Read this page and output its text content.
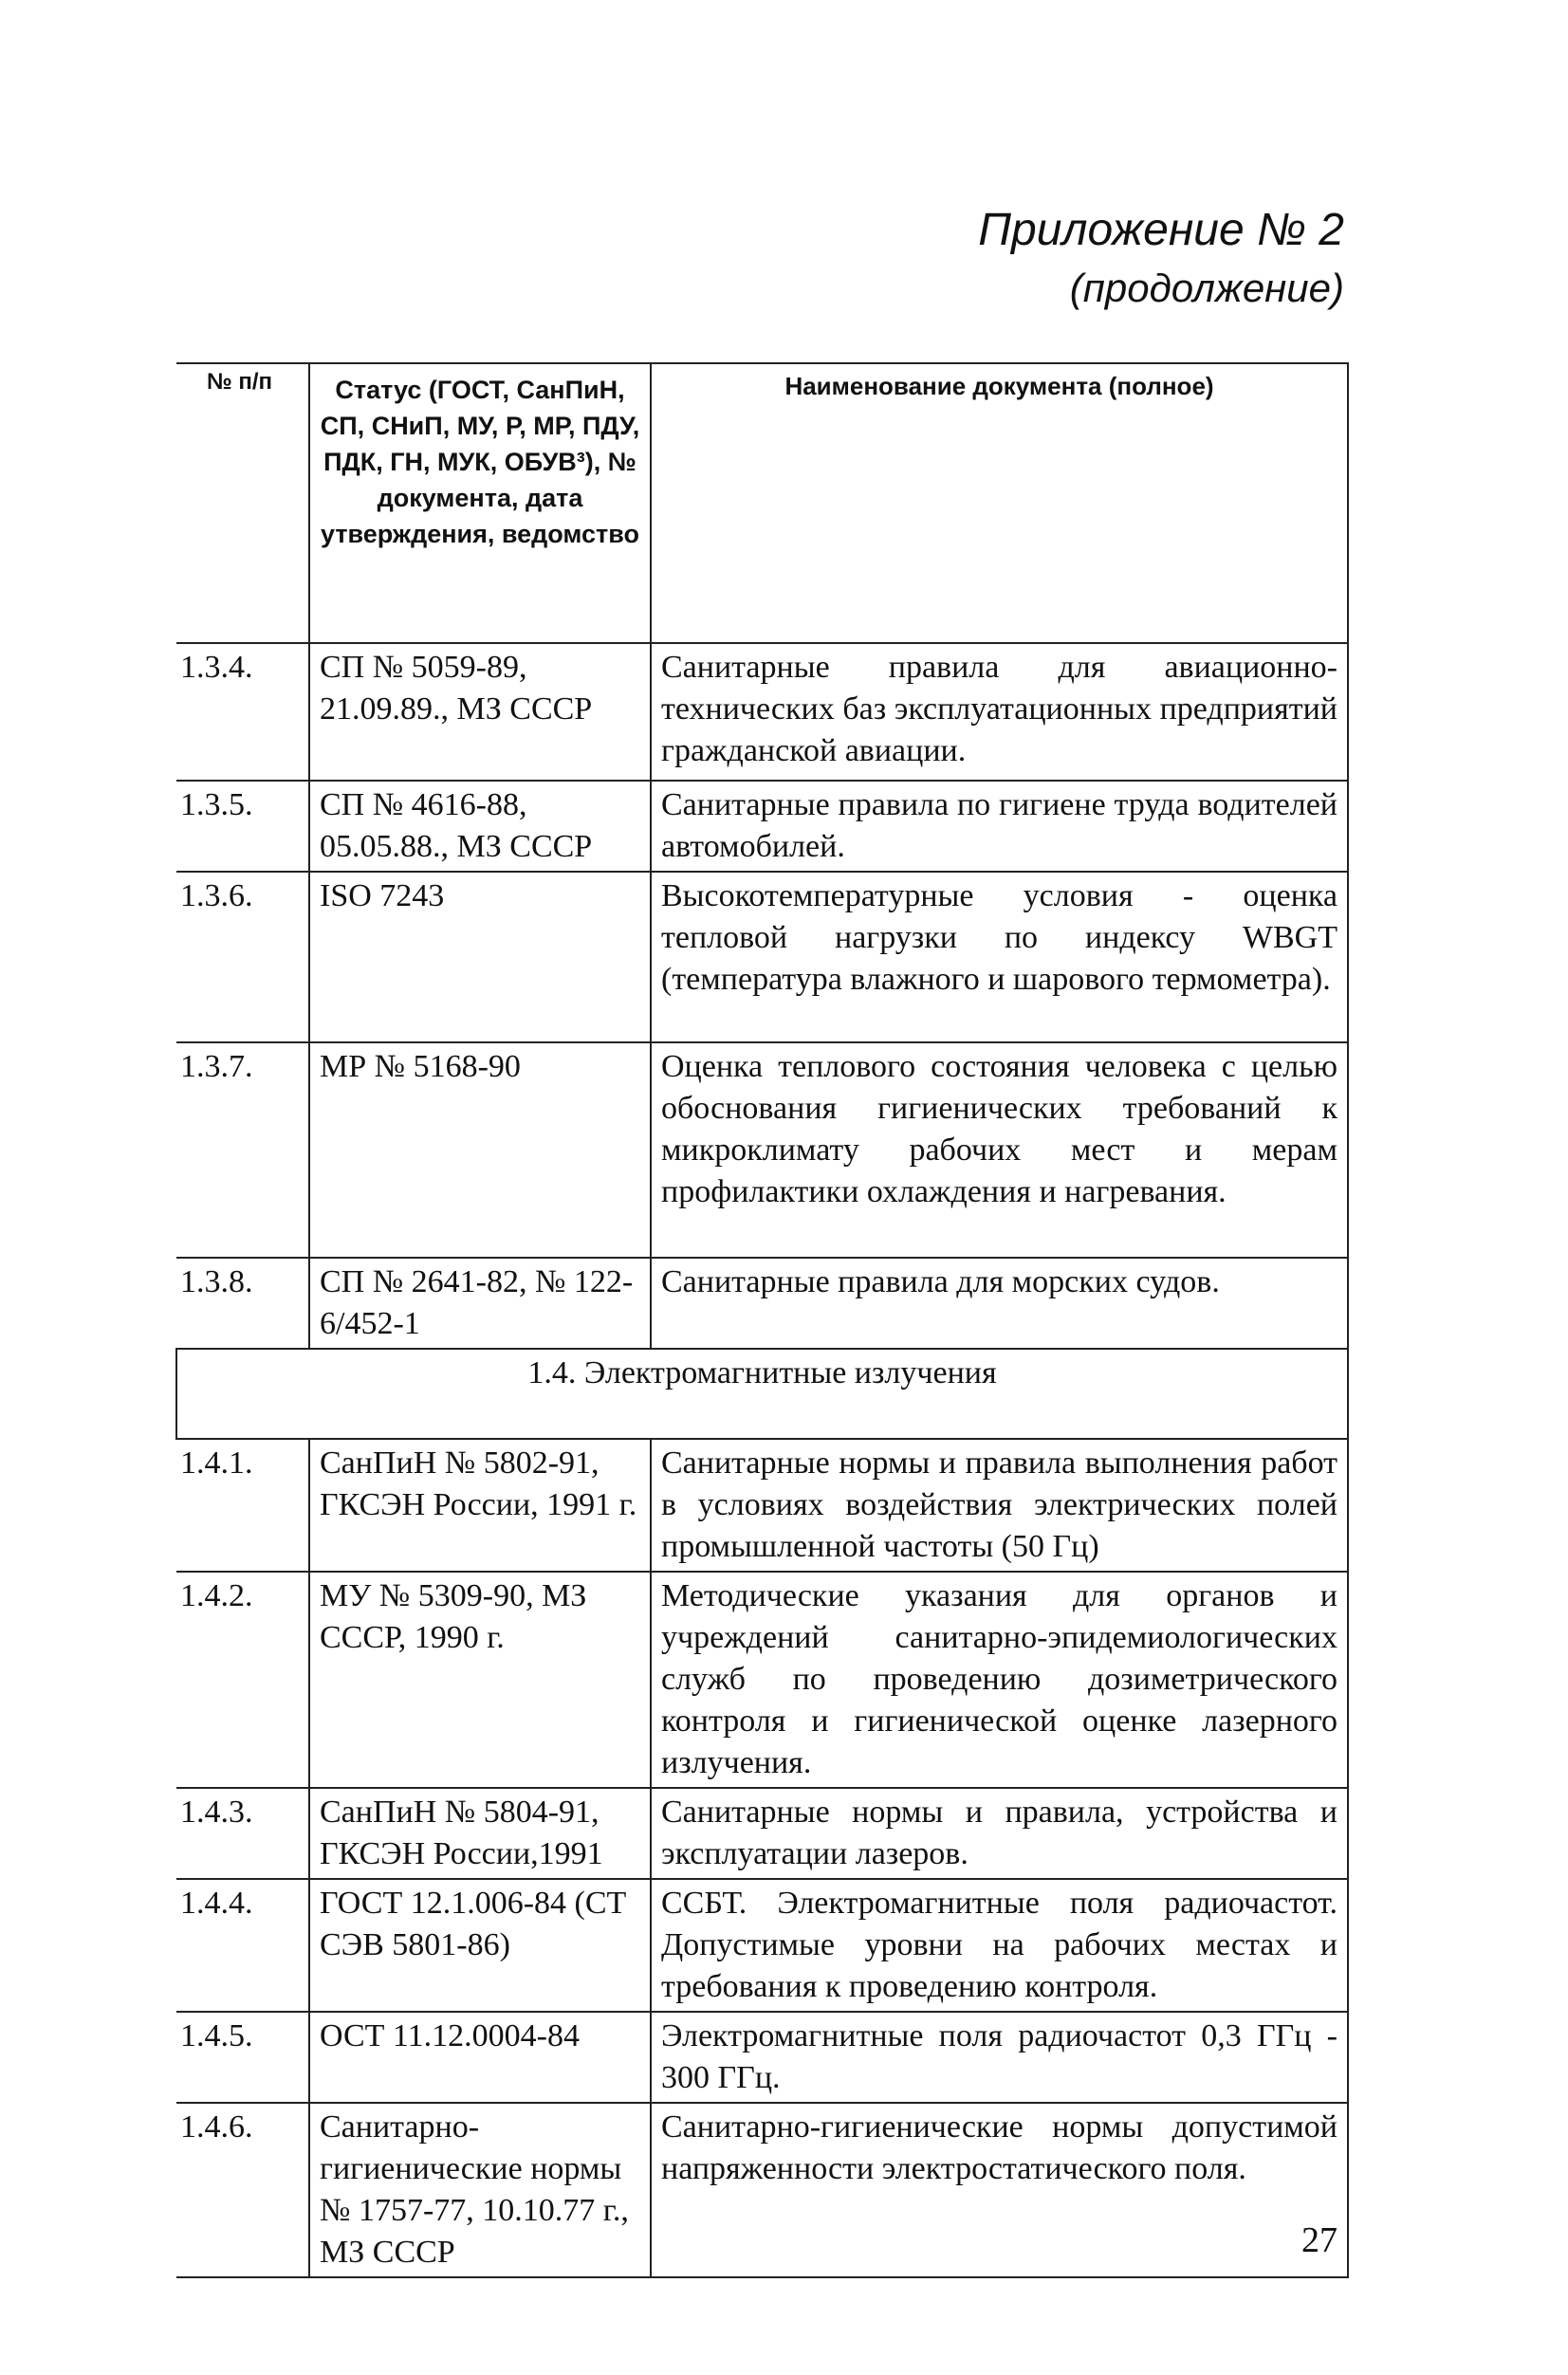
Приложение № 2
(продолжение)
№ п/п	Статус (ГОСТ, СанПиН, СП, СНиП, МУ, Р, МР, ПДУ, ПДК, ГН, МУК, ОБУВ³), № документа, дата утверждения, ведомство	Наименование документа (полное)
1.3.4.	СП № 5059-89, 21.09.89., МЗ СССР	Санитарные правила для авиационно-технических баз эксплуатационных предприятий гражданской авиации.
1.3.5.	СП № 4616-88, 05.05.88., МЗ СССР	Санитарные правила по гигиене труда водителей автомобилей.
1.3.6.	ISO 7243	Высокотемпературные условия - оценка тепловой нагрузки по индексу WBGT (температура влажного и шарового термометра).
1.3.7.	МР № 5168-90	Оценка теплового состояния человека с целью обоснования гигиенических требований к микроклимату рабочих мест и мерам профилактики охлаждения и нагревания.
1.3.8.	СП № 2641-82, № 122-6/452-1	Санитарные правила для морских судов.
1.4. Электромагнитные излучения		
1.4.1.	СанПиН № 5802-91, ГКСЭН России, 1991 г.	Санитарные нормы и правила выполнения работ в условиях воздействия электрических полей промышленной частоты (50 Гц)
1.4.2.	МУ № 5309-90, МЗ СССР, 1990 г.	Методические указания для органов и учреждений санитарно-эпидемиологических служб по проведению дозиметрического контроля и гигиенической оценке лазерного излучения.
1.4.3.	СанПиН № 5804-91, ГКСЭН России,1991	Санитарные нормы и правила, устройства и эксплуатации лазеров.
1.4.4.	ГОСТ 12.1.006-84 (СТ СЭВ 5801-86)	ССБТ. Электромагнитные поля радиочастот. Допустимые уровни на рабочих местах и требования к проведению контроля.
1.4.5.	ОСТ 11.12.0004-84	Электромагнитные поля радиочастот 0,3 ГГц - 300 ГГц.
1.4.6.	Санитарно-гигиенические нормы № 1757-77, 10.10.77 г., МЗ СССР	Санитарно-гигиенические нормы допустимой напряженности электростатического поля.
27
